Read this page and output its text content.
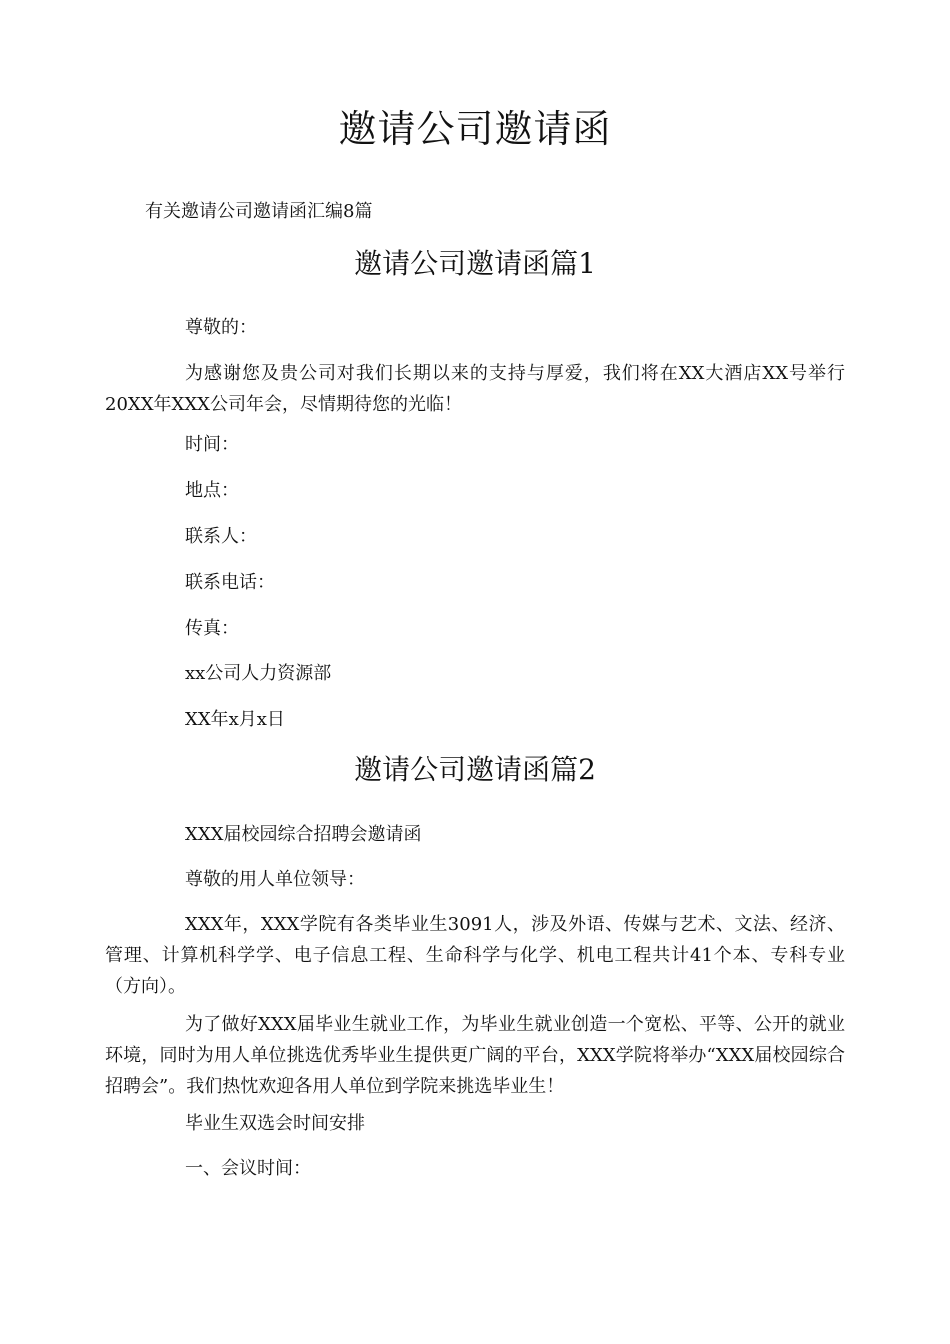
邀请公司邀请函
有关邀请公司邀请函汇编8篇
邀请公司邀请函篇1
尊敬的：
为感谢您及贵公司对我们长期以来的支持与厚爱，我们将在XX大酒店XX号举行20XX年XXX公司年会，尽情期待您的光临！
时间：
地点：
联系人：
联系电话：
传真：
xx公司人力资源部
XX年x月x日
邀请公司邀请函篇2
XXX届校园综合招聘会邀请函
尊敬的用人单位领导：
XXX年，XXX学院有各类毕业生3091人，涉及外语、传媒与艺术、文法、经济、管理、计算机科学学、电子信息工程、生命科学与化学、机电工程共计41个本、专科专业（方向）。
为了做好XXX届毕业生就业工作，为毕业生就业创造一个宽松、平等、公开的就业环境，同时为用人单位挑选优秀毕业生提供更广阔的平台，XXX学院将举办“XXX届校园综合招聘会”。我们热忱欢迎各用人单位到学院来挑选毕业生！
毕业生双选会时间安排
一、会议时间：
